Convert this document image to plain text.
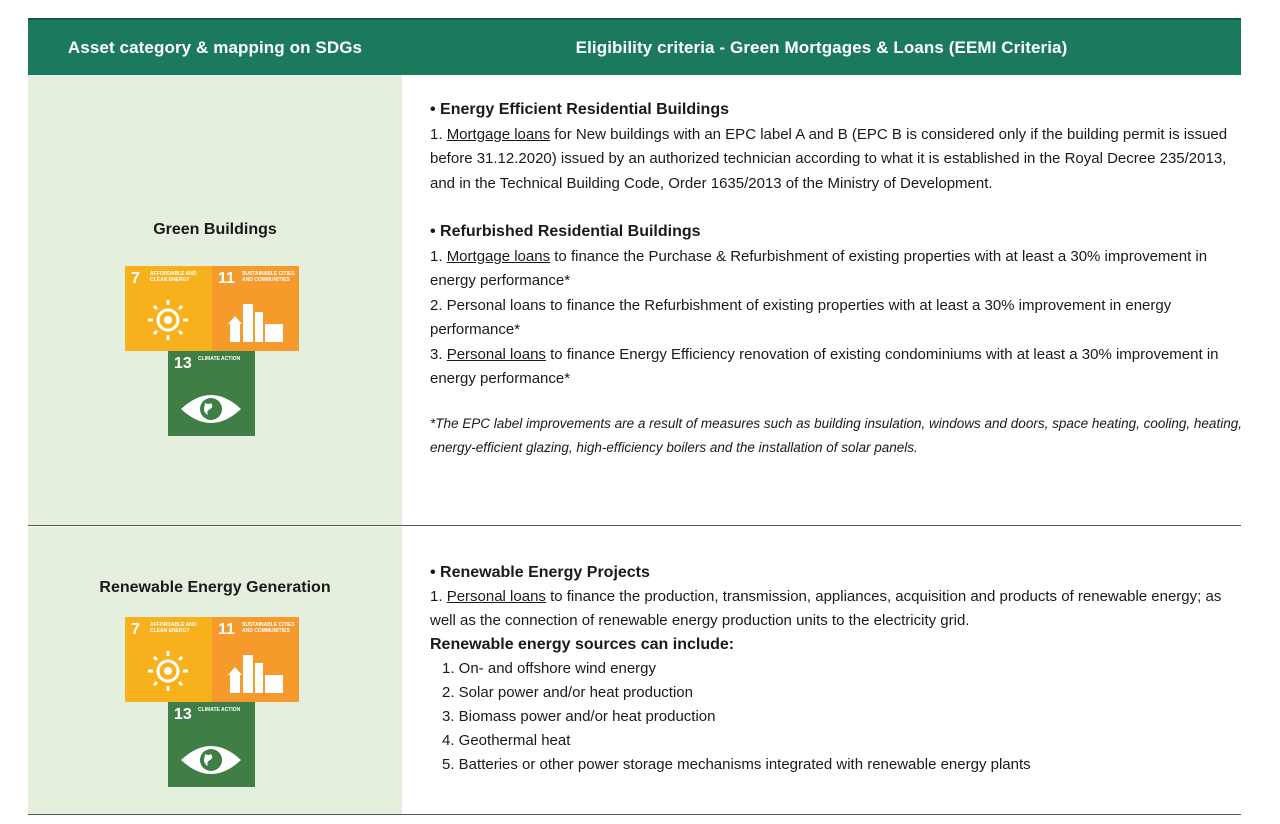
Asset category & mapping on SDGs	Eligibility criteria - Green Mortgages & Loans (EEMI Criteria)
Green Buildings
7 AFFORDABLE AND CLEAN ENERGY	11 SUSTAINABLE CITIES AND COMMUNITIES
13 CLIMATE ACTION
• Energy Efficient Residential Buildings
1. Mortgage loans for New buildings with an EPC label A and B (EPC B is considered only if the building permit is issued before 31.12.2020) issued by an authorized technician according to what it is established in the Royal Decree 235/2013, and in the Technical Building Code, Order 1635/2013 of the Ministry of Development.
• Refurbished Residential Buildings
1. Mortgage loans to finance the Purchase & Refurbishment of existing properties with at least a 30% improvement in energy performance*
2. Personal loans to finance the Refurbishment of existing properties with at least a 30% improvement in energy performance*
3. Personal loans to finance Energy Efficiency renovation of existing condominiums with at least a 30% improvement in energy performance*
*The EPC label improvements are a result of measures such as building insulation, windows and doors, space heating, cooling, heating, energy-efficient glazing, high-efficiency boilers and the installation of solar panels.
Renewable Energy Generation
7 AFFORDABLE AND CLEAN ENERGY	11 SUSTAINABLE CITIES AND COMMUNITIES
13 CLIMATE ACTION
• Renewable Energy Projects
1. Personal loans to finance the production, transmission, appliances, acquisition and products of renewable energy; as well as the connection of renewable energy production units to the electricity grid.
Renewable energy sources can include:
1. On- and offshore wind energy
2. Solar power and/or heat production
3. Biomass power and/or heat production
4. Geothermal heat
5. Batteries or other power storage mechanisms integrated with renewable energy plants
